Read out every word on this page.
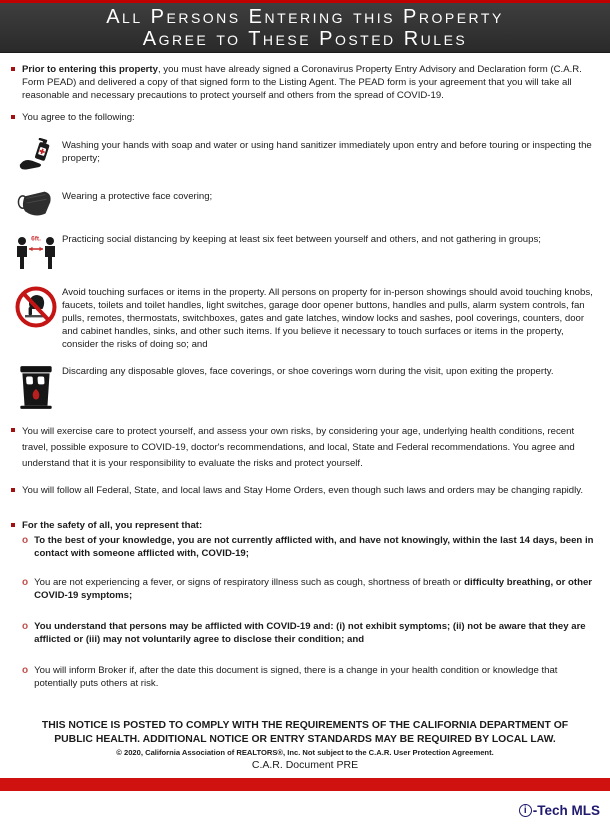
All Persons Entering this Property
Agree to These Posted Rules

Prior to entering this property, you must have already signed a Coronavirus Property Entry Advisory and Declaration form (C.A.R. Form PEAD) and delivered a copy of that signed form to the Listing Agent. The PEAD form is your agreement that you will take all reasonable and necessary precautions to protect yourself and others from the spread of COVID-19.

You agree to the following:

Washing your hands with soap and water or using hand sanitizer immediately upon entry and before touring or inspecting the property;

Wearing a protective face covering;

6ft. Practicing social distancing by keeping at least six feet between yourself and others, and not gathering in groups;

Avoid touching surfaces or items in the property. All persons on property for in-person showings should avoid touching knobs, faucets, toilets and toilet handles, light switches, garage door opener buttons, handles and pulls, alarm system controls, fan pulls, remotes, thermostats, switchboxes, gates and gate latches, window locks and sashes, pool coverings, counters, door and cabinet handles, sinks, and other such items. If you believe it necessary to touch surfaces or items in the property, consider the risks of doing so; and

Discarding any disposable gloves, face coverings, or shoe coverings worn during the visit, upon exiting the property.

You will exercise care to protect yourself, and assess your own risks, by considering your age, underlying health conditions, recent travel, possible exposure to COVID-19, doctor's recommendations, and local, State and Federal recommendations. You agree and understand that it is your responsibility to evaluate the risks and protect yourself.

You will follow all Federal, State, and local laws and Stay Home Orders, even though such laws and orders may be changing rapidly.

For the safety of all, you represent that:

o To the best of your knowledge, you are not currently afflicted with, and have not knowingly, within the last 14 days, been in contact with someone afflicted with, COVID-19;

o You are not experiencing a fever, or signs of respiratory illness such as cough, shortness of breath or difficulty breathing, or other COVID-19 symptoms;

o You understand that persons may be afflicted with COVID-19 and: (i) not exhibit symptoms; (ii) not be aware that they are afflicted or (iii) may not voluntarily agree to disclose their condition; and

o You will inform Broker if, after the date this document is signed, there is a change in your health condition or knowledge that potentially puts others at risk.

THIS NOTICE IS POSTED TO COMPLY WITH THE REQUIREMENTS OF THE CALIFORNIA DEPARTMENT OF PUBLIC HEALTH. ADDITIONAL NOTICE OR ENTRY STANDARDS MAY BE REQUIRED BY LOCAL LAW.
© 2020, California Association of REALTORS®, Inc. Not subject to the C.A.R. User Protection Agreement.
C.A.R. Document PRE
i -Tech MLS
